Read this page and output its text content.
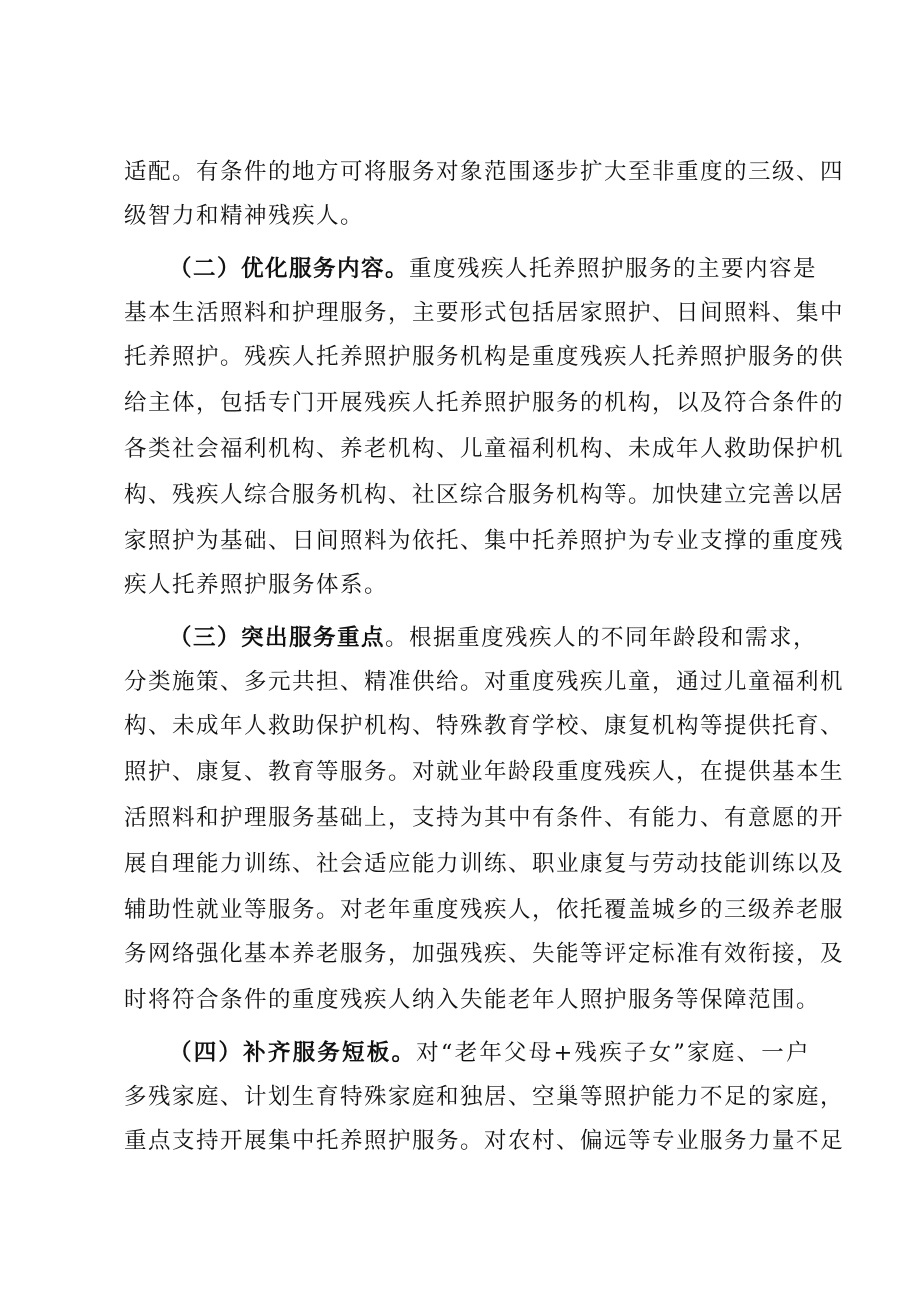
适配。有条件的地方可将服务对象范围逐步扩大至非重度的三级、四
级智力和精神残疾人。
（二）优化服务内容。重度残疾人托养照护服务的主要内容是
基本生活照料和护理服务，主要形式包括居家照护、日间照料、集中
托养照护。残疾人托养照护服务机构是重度残疾人托养照护服务的供
给主体，包括专门开展残疾人托养照护服务的机构，以及符合条件的
各类社会福利机构、养老机构、儿童福利机构、未成年人救助保护机
构、残疾人综合服务机构、社区综合服务机构等。加快建立完善以居
家照护为基础、日间照料为依托、集中托养照护为专业支撑的重度残
疾人托养照护服务体系。
（三）突出服务重点。根据重度残疾人的不同年龄段和需求，
分类施策、多元共担、精准供给。对重度残疾儿童，通过儿童福利机
构、未成年人救助保护机构、特殊教育学校、康复机构等提供托育、
照护、康复、教育等服务。对就业年龄段重度残疾人，在提供基本生
活照料和护理服务基础上，支持为其中有条件、有能力、有意愿的开
展自理能力训练、社会适应能力训练、职业康复与劳动技能训练以及
辅助性就业等服务。对老年重度残疾人，依托覆盖城乡的三级养老服
务网络强化基本养老服务，加强残疾、失能等评定标准有效衔接，及
时将符合条件的重度残疾人纳入失能老年人照护服务等保障范围。
（四）补齐服务短板。对“老年父母+残疾子女”家庭、一户
多残家庭、计划生育特殊家庭和独居、空巢等照护能力不足的家庭，
重点支持开展集中托养照护服务。对农村、偏远等专业服务力量不足
